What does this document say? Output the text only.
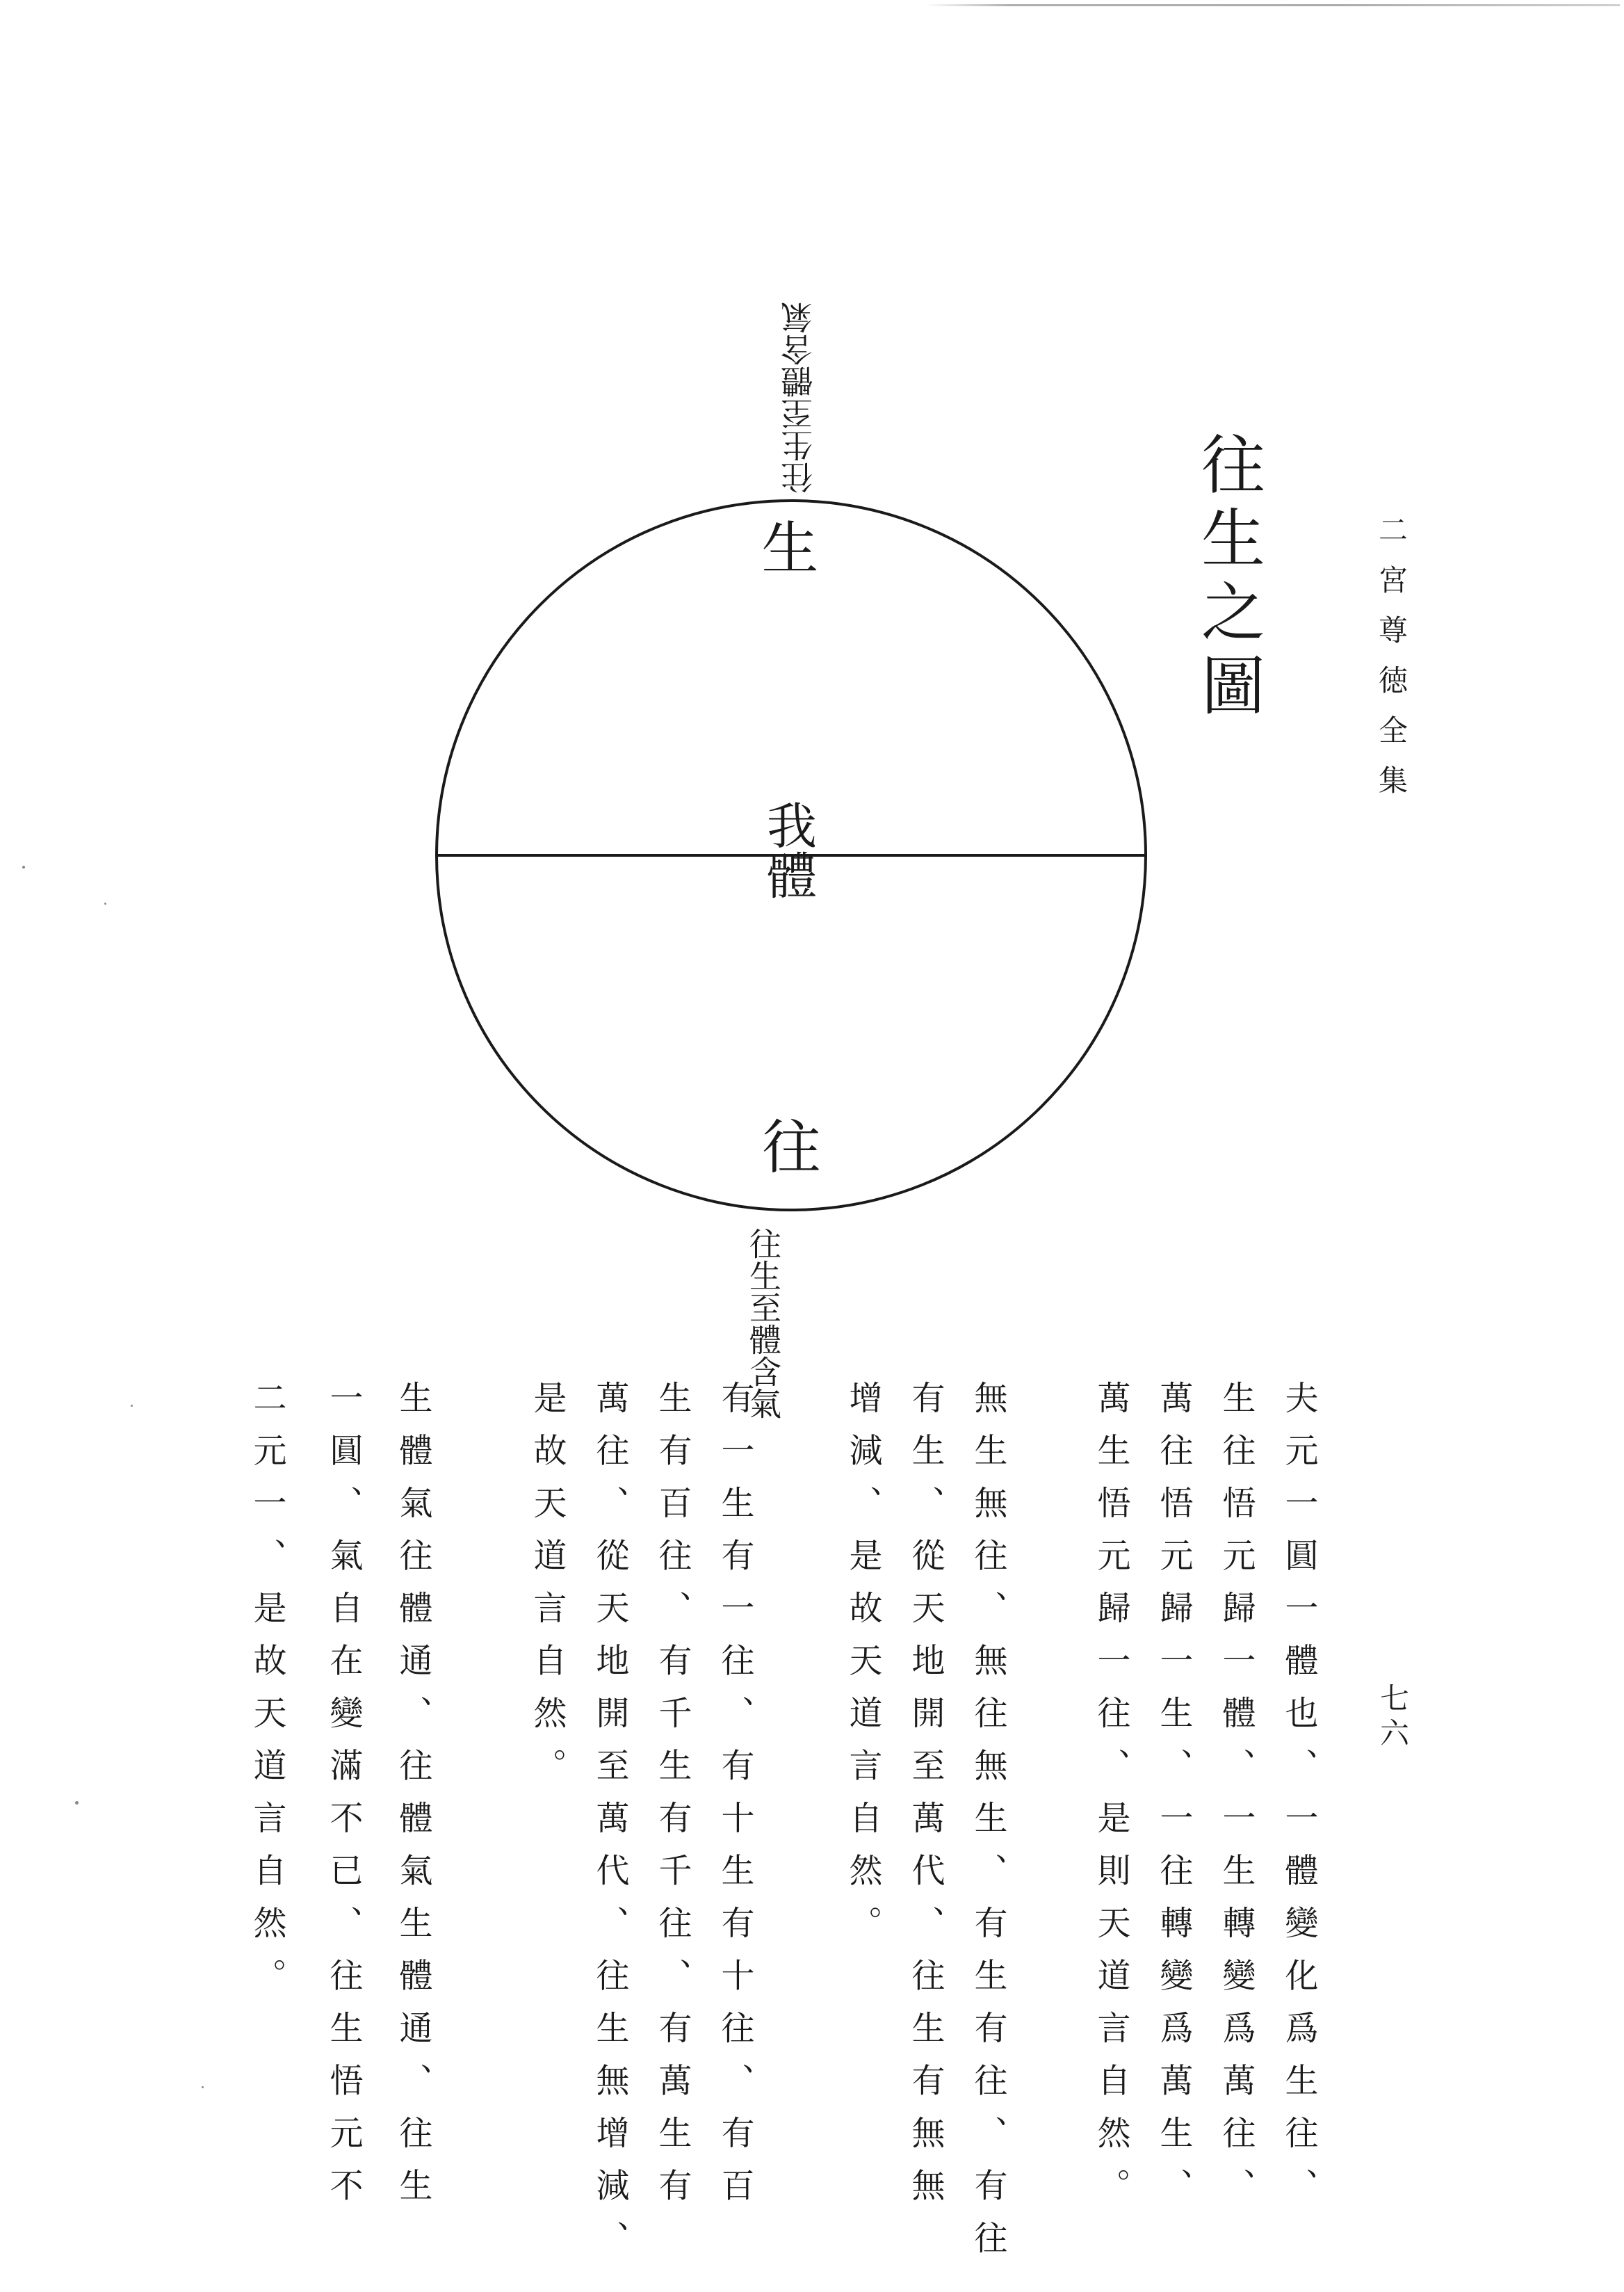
二宮尊徳全集
七六
往生之圖
生
我體
往
往生至體含氣
往生至體含氣
夫元一圓一體也、一體變化爲生往、
生往悟元歸一體、一生轉變爲萬往、
萬往悟元歸一生、一往轉變爲萬生、
萬生悟元歸一往、是則天道言自然。
無生無往、無往無生、有生有往、有往
有生、從天地開至萬代、往生有無無
增減、是故天道言自然。
有一生有一往、有十生有十往、有百
生有百往、有千生有千往、有萬生有
萬往、從天地開至萬代、往生無增減、
是故天道言自然。
生體氣往體通、往體氣生體通、往生
一圓、氣自在變滿不已、往生悟元不
二元一、是故天道言自然。
